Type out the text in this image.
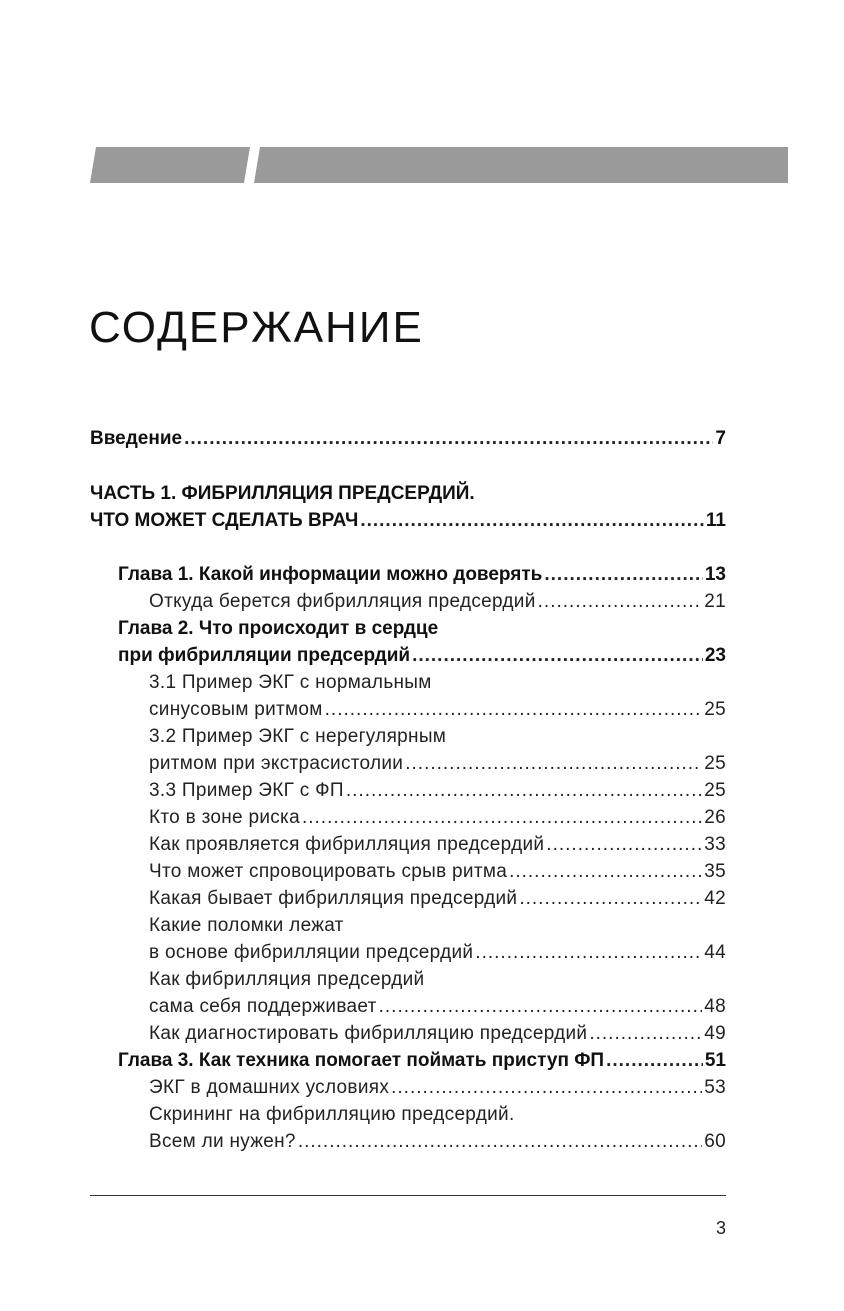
СОДЕРЖАНИЕ
Введение .....	7
ЧАСТЬ 1. ФИБРИЛЛЯЦИЯ ПРЕДСЕРДИЙ.
ЧТО МОЖЕТ СДЕЛАТЬ ВРАЧ .....	11
Глава 1. Какой информации можно доверять .....	13
Откуда берется фибрилляция предсердий .....	21
Глава 2. Что происходит в сердце
при фибрилляции предсердий .....	23
3.1 Пример ЭКГ с нормальным
синусовым ритмом .....	25
3.2 Пример ЭКГ с нерегулярным
ритмом при экстрасистолии .....	25
3.3 Пример ЭКГ с ФП .....	25
Кто в зоне риска .....	26
Как проявляется фибрилляция предсердий .....	33
Что может спровоцировать срыв ритма .....	35
Какая бывает фибрилляция предсердий .....	42
Какие поломки лежат
в основе фибрилляции предсердий .....	44
Как фибрилляция предсердий
сама себя поддерживает .....	48
Как диагностировать фибрилляцию предсердий .....	49
Глава 3. Как техника помогает поймать приступ ФП .....	51
ЭКГ в домашних условиях .....	53
Скрининг на фибрилляцию предсердий.
Всем ли нужен? .....	60
3
